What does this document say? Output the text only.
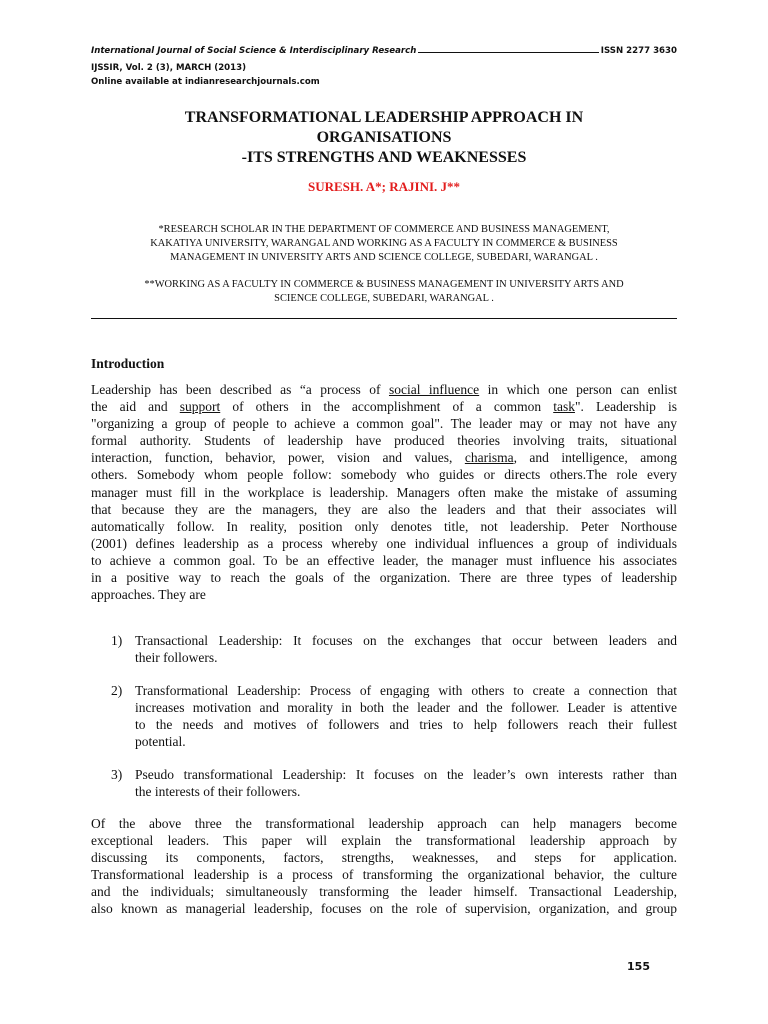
International Journal of Social Science & Interdisciplinary Research	ISSN 2277 3630
IJSSIR, Vol. 2 (3), MARCH (2013)
Online available at indianresearchjournals.com
TRANSFORMATIONAL LEADERSHIP APPROACH IN
ORGANISATIONS
-ITS STRENGTHS AND WEAKNESSES
SURESH. A*; RAJINI. J**
*RESEARCH SCHOLAR IN THE DEPARTMENT OF COMMERCE AND BUSINESS MANAGEMENT,
KAKATIYA UNIVERSITY, WARANGAL AND WORKING AS A FACULTY IN COMMERCE & BUSINESS
MANAGEMENT IN UNIVERSITY ARTS AND SCIENCE COLLEGE, SUBEDARI, WARANGAL .
**WORKING AS A FACULTY IN COMMERCE & BUSINESS MANAGEMENT IN UNIVERSITY ARTS AND
SCIENCE COLLEGE, SUBEDARI, WARANGAL .
Introduction
Leadership has been described as “a process of social influence in which one person can enlist
the aid and support of others in the accomplishment of a common task". Leadership is
"organizing a group of people to achieve a common goal". The leader may or may not have any
formal authority. Students of leadership have produced theories involving traits, situational
interaction, function, behavior, power, vision and values, charisma, and intelligence, among
others. Somebody whom people follow: somebody who guides or directs others.The role every
manager must fill in the workplace is leadership. Managers often make the mistake of assuming
that because they are the managers, they are also the leaders and that their associates will
automatically follow. In reality, position only denotes title, not leadership. Peter Northouse
(2001) defines leadership as a process whereby one individual influences a group of individuals
to achieve a common goal. To be an effective leader, the manager must influence his associates
in a positive way to reach the goals of the organization. There are three types of leadership
approaches. They are
1) Transactional Leadership: It focuses on the exchanges that occur between leaders and
their followers.
2) Transformational Leadership: Process of engaging with others to create a connection that
increases motivation and morality in both the leader and the follower. Leader is attentive
to the needs and motives of followers and tries to help followers reach their fullest
potential.
3) Pseudo transformational Leadership: It focuses on the leader’s own interests rather than
the interests of their followers.
Of the above three the transformational leadership approach can help managers become
exceptional leaders. This paper will explain the transformational leadership approach by
discussing its components, factors, strengths, weaknesses, and steps for application.
Transformational leadership is a process of transforming the organizational behavior, the culture
and the individuals; simultaneously transforming the leader himself. Transactional Leadership,
also known as managerial leadership, focuses on the role of supervision, organization, and group
155
